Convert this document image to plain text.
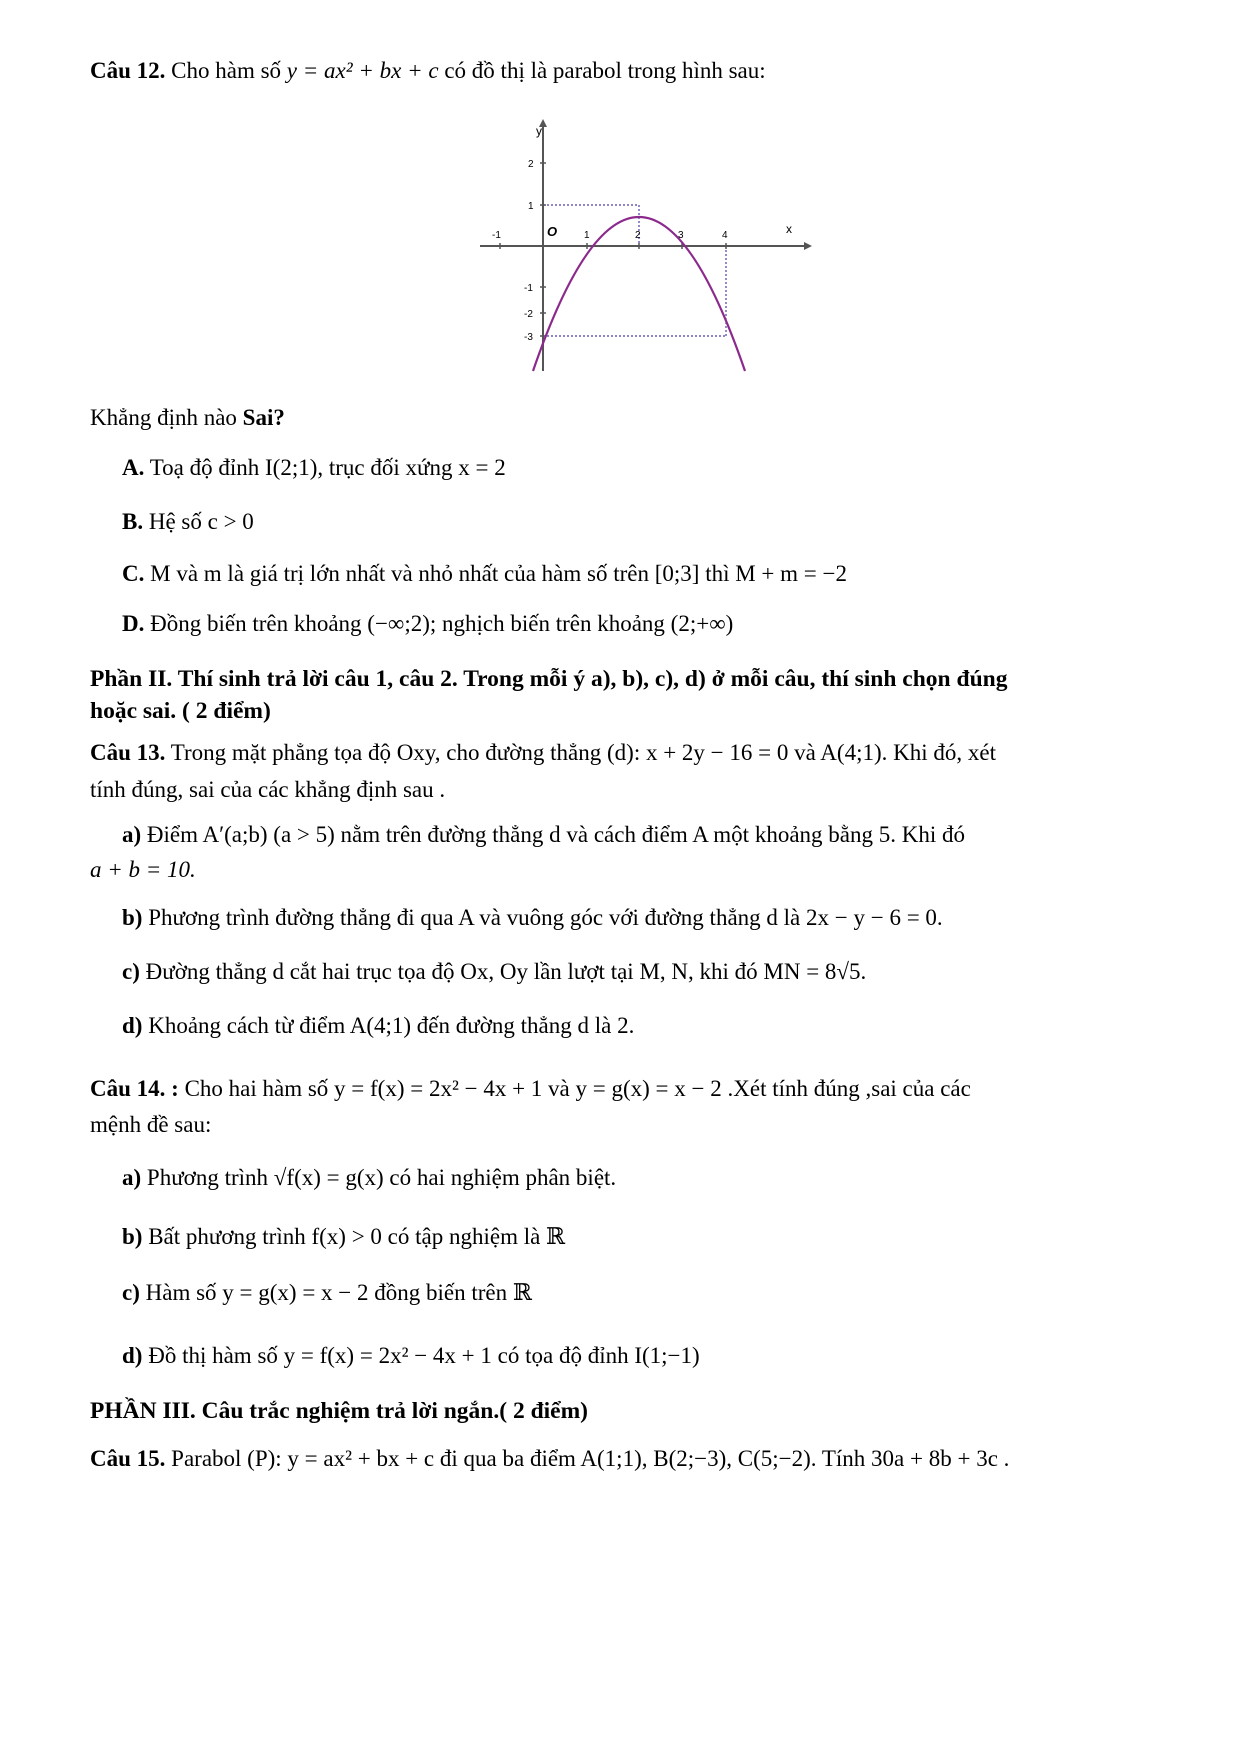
Câu 12. Cho hàm số y = ax² + bx + c có đồ thị là parabol trong hình sau:
y
x
O
-1	1	2	3	4
2
1
-1
-2
-3
Khẳng định nào Sai?
A. Toạ độ đỉnh I(2;1), trục đối xứng x = 2
B. Hệ số c > 0
C. M và m là giá trị lớn nhất và nhỏ nhất của hàm số trên [0;3] thì M + m = −2
D. Đồng biến trên khoảng (−∞;2); nghịch biến trên khoảng (2;+∞)
Phần II. Thí sinh trả lời câu 1, câu 2. Trong mỗi ý a), b), c), d) ở mỗi câu, thí sinh chọn đúng
hoặc sai. ( 2 điểm)
Câu 13. Trong mặt phẳng tọa độ Oxy, cho đường thẳng (d): x + 2y − 16 = 0 và A(4;1). Khi đó, xét
tính đúng, sai của các khẳng định sau .
a) Điểm A′(a;b) (a > 5) nằm trên đường thẳng d và cách điểm A một khoảng bằng 5. Khi đó
a + b = 10.
b) Phương trình đường thẳng đi qua A và vuông góc với đường thẳng d là 2x − y − 6 = 0.
c) Đường thẳng d cắt hai trục tọa độ Ox, Oy lần lượt tại M, N, khi đó MN = 8√5.
d) Khoảng cách từ điểm A(4;1) đến đường thẳng d là 2.
Câu 14. : Cho hai hàm số y = f(x) = 2x² − 4x + 1 và y = g(x) = x − 2 .Xét tính đúng ,sai của các
mệnh đề sau:
a) Phương trình √f(x) = g(x) có hai nghiệm phân biệt.
b) Bất phương trình f(x) > 0 có tập nghiệm là ℝ
c) Hàm số y = g(x) = x − 2 đồng biến trên ℝ
d) Đồ thị hàm số y = f(x) = 2x² − 4x + 1 có tọa độ đỉnh I(1;−1)
PHẦN III. Câu trắc nghiệm trả lời ngắn.( 2 điểm)
Câu 15. Parabol (P): y = ax² + bx + c đi qua ba điểm A(1;1), B(2;−3), C(5;−2). Tính 30a + 8b + 3c .
